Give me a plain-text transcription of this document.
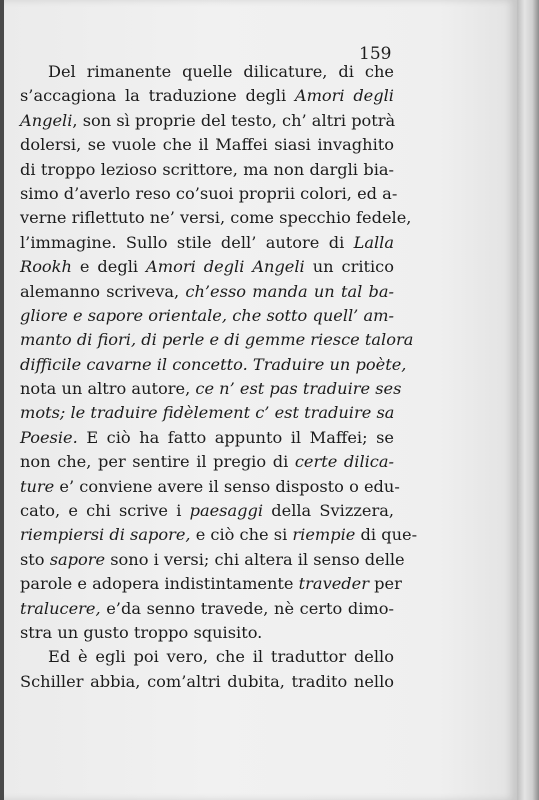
159
Del rimanente quelle dilicature, di che
s’accagiona la traduzione degli Amori degli
Angeli, son sì proprie del testo, ch’ altri potrà
dolersi, se vuole che il Maffei siasi invaghito
di troppo lezioso scrittore, ma non dargli bia-
simo d’averlo reso co’suoi proprii colori, ed a-
verne riflettuto ne’ versi, come specchio fedele,
l’immagine. Sullo stile dell’ autore di Lalla
Rookh e degli Amori degli Angeli un critico
alemanno scriveva, ch’esso manda un tal ba-
gliore e sapore orientale, che sotto quell’ am-
manto di fiori, di perle e di gemme riesce talora
difficile cavarne il concetto. Traduire un poète,
nota un altro autore, ce n’ est pas traduire ses
mots; le traduire fidèlement c’ est traduire sa
Poesie. E ciò ha fatto appunto il Maffei; se
non che, per sentire il pregio di certe dilica-
ture e’ conviene avere il senso disposto o edu-
cato, e chi scrive i paesaggi della Svizzera,
riempiersi di sapore, e ciò che si riempie di que-
sto sapore sono i versi; chi altera il senso delle
parole e adopera indistintamente traveder per
tralucere, e’da senno travede, nè certo dimo-
stra un gusto troppo squisito.
Ed è egli poi vero, che il traduttor dello
Schiller abbia, com’altri dubita, tradito nello
